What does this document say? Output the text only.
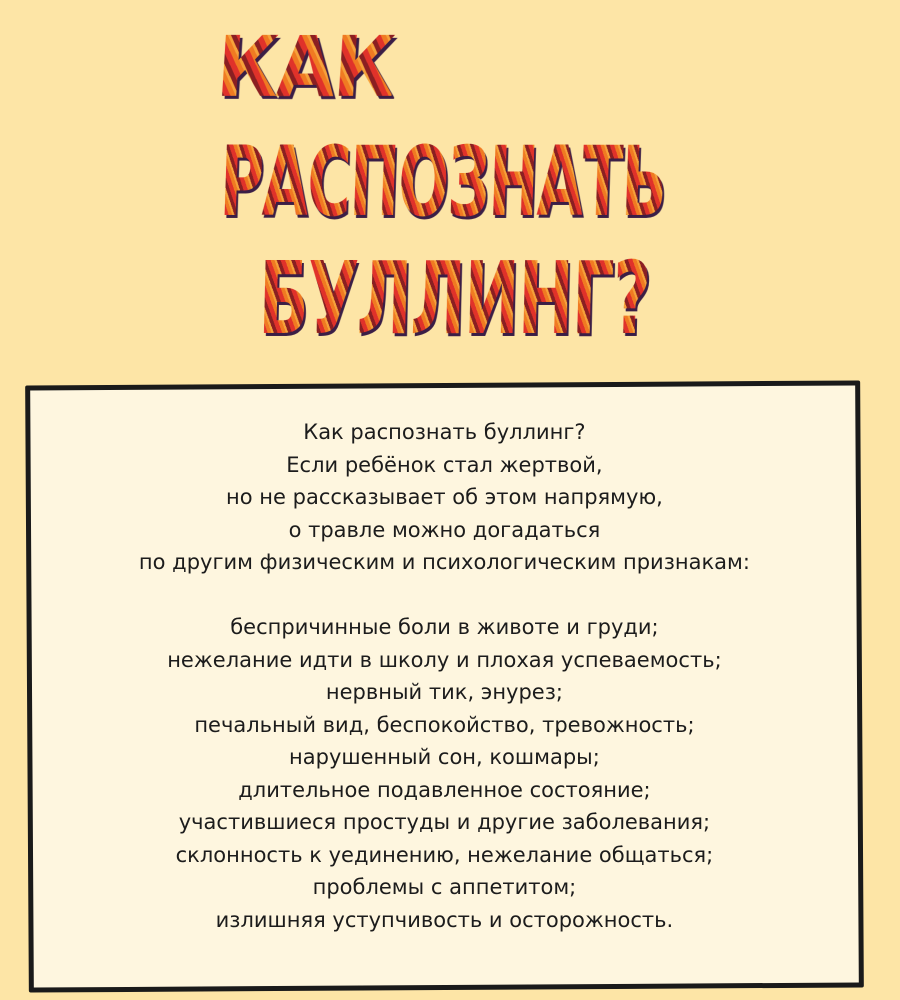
КАК
РАСПОЗНАТЬ
БУЛЛИНГ?
Как распознать буллинг?
Если ребёнок стал жертвой,
но не рассказывает об этом напрямую,
о травле можно догадаться
по другим физическим и психологическим признакам:
беспричинные боли в животе и груди;
нежелание идти в школу и плохая успеваемость;
нервный тик, энурез;
печальный вид, беспокойство, тревожность;
нарушенный сон, кошмары;
длительное подавленное состояние;
участившиеся простуды и другие заболевания;
склонность к уединению, нежелание общаться;
проблемы с аппетитом;
излишняя уступчивость и осторожность.
